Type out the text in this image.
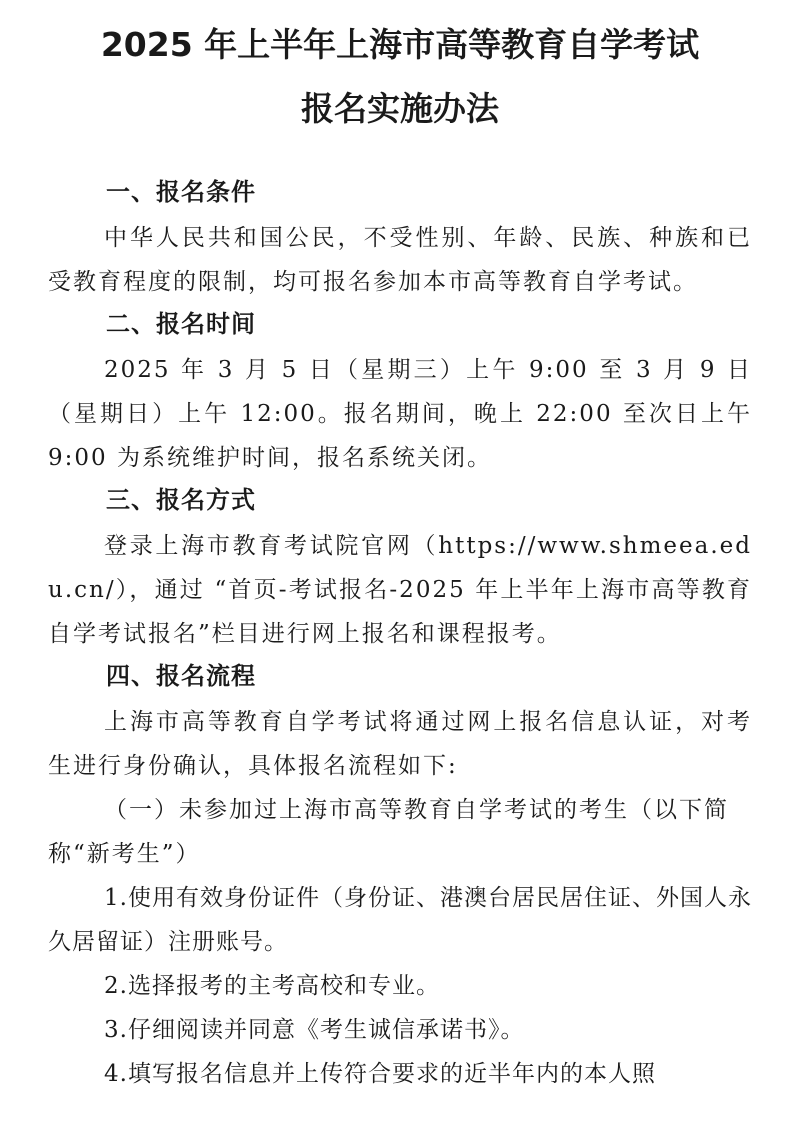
2025 年上半年上海市高等教育自学考试
报名实施办法
一、报名条件

中华人民共和国公民，不受性别、年龄、民族、种族和已受教育程度的限制，均可报名参加本市高等教育自学考试。

二、报名时间

2025 年 3 月 5 日（星期三）上午 9:00 至 3 月 9 日（星期日）上午 12:00。报名期间，晚上 22:00 至次日上午 9:00 为系统维护时间，报名系统关闭。

三、报名方式

登录上海市教育考试院官网（https://www.shmeea.edu.cn/），通过 “首页-考试报名-2025 年上半年上海市高等教育自学考试报名”栏目进行网上报名和课程报考。

四、报名流程

上海市高等教育自学考试将通过网上报名信息认证，对考生进行身份确认，具体报名流程如下:

（一）未参加过上海市高等教育自学考试的考生（以下简称“新考生”）

1.使用有效身份证件（身份证、港澳台居民居住证、外国人永久居留证）注册账号。

2.选择报考的主考高校和专业。

3.仔细阅读并同意《考生诚信承诺书》。

4.填写报名信息并上传符合要求的近半年内的本人照
